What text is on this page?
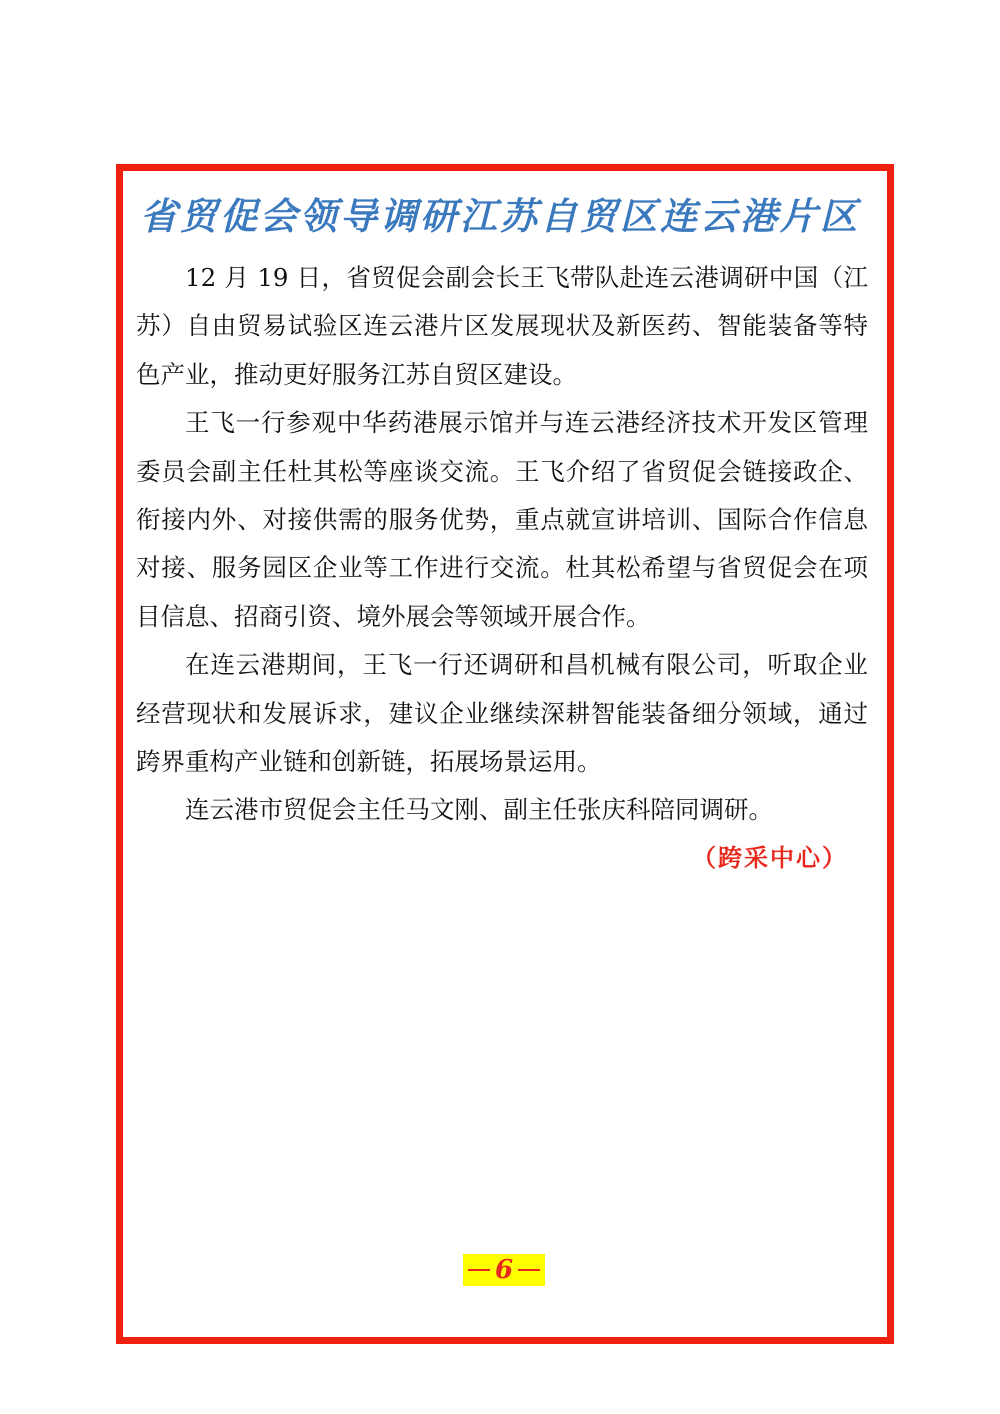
省贸促会领导调研江苏自贸区连云港片区

12 月 19 日，省贸促会副会长王飞带队赴连云港调研中国（江苏）自由贸易试验区连云港片区发展现状及新医药、智能装备等特色产业，推动更好服务江苏自贸区建设。

王飞一行参观中华药港展示馆并与连云港经济技术开发区管理委员会副主任杜其松等座谈交流。王飞介绍了省贸促会链接政企、衔接内外、对接供需的服务优势，重点就宣讲培训、国际合作信息对接、服务园区企业等工作进行交流。杜其松希望与省贸促会在项目信息、招商引资、境外展会等领域开展合作。

在连云港期间，王飞一行还调研和昌机械有限公司，听取企业经营现状和发展诉求，建议企业继续深耕智能装备细分领域，通过跨界重构产业链和创新链，拓展场景运用。

连云港市贸促会主任马文刚、副主任张庆科陪同调研。

（跨采中心）
6
